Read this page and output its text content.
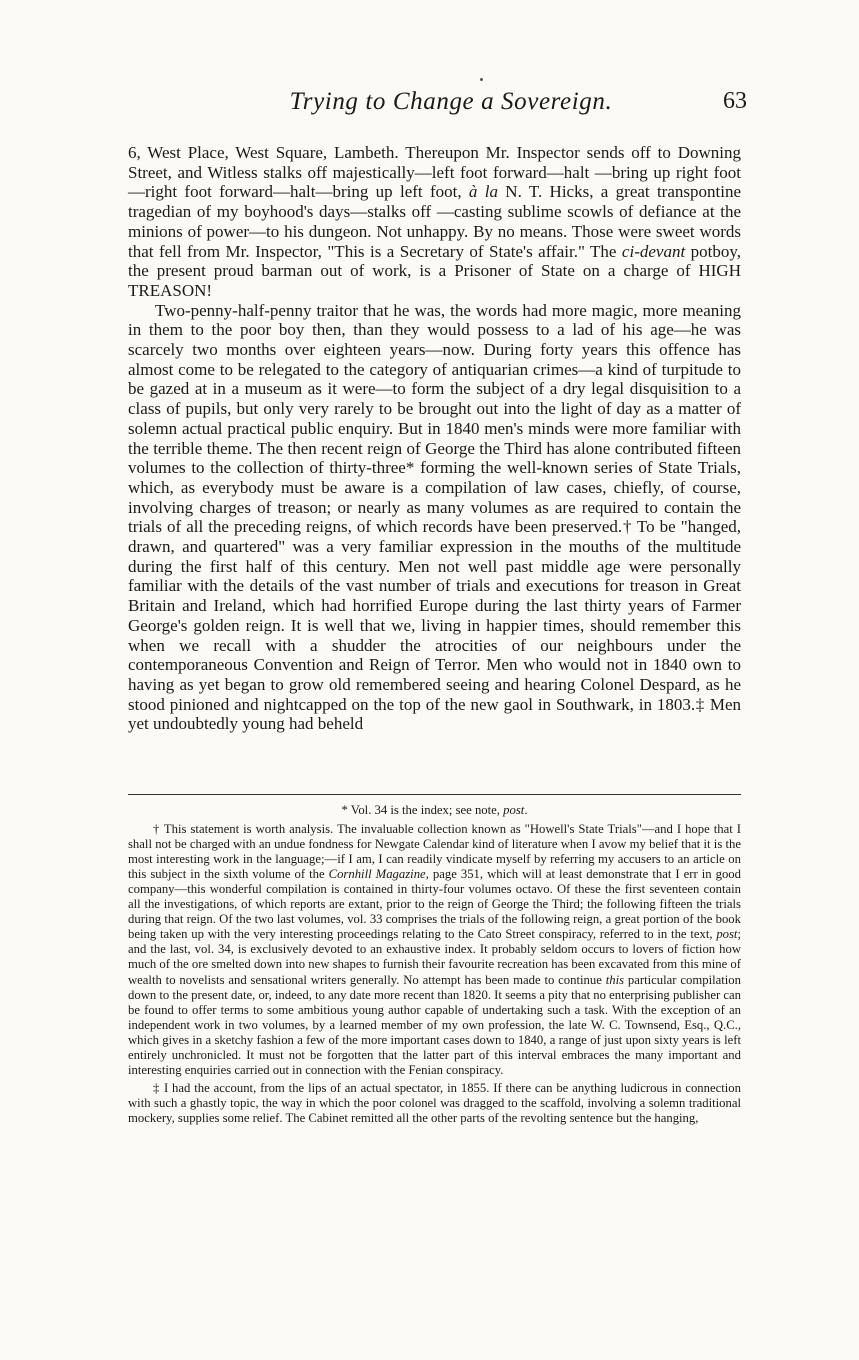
Trying to Change a Sovereign.	63

6, West Place, West Square, Lambeth. Thereupon Mr. Inspector sends off to Downing Street, and Witless stalks off majestically—left foot forward—halt —bring up right foot—right foot forward—halt—bring up left foot, à la N. T. Hicks, a great transpontine tragedian of my boyhood's days—stalks off —casting sublime scowls of defiance at the minions of power—to his dungeon. Not unhappy. By no means. Those were sweet words that fell from Mr. Inspector, "This is a Secretary of State's affair." The ci-devant potboy, the present proud barman out of work, is a Prisoner of State on a charge of HIGH TREASON!

Two-penny-half-penny traitor that he was, the words had more magic, more meaning in them to the poor boy then, than they would possess to a lad of his age—he was scarcely two months over eighteen years—now. During forty years this offence has almost come to be relegated to the category of antiquarian crimes—a kind of turpitude to be gazed at in a museum as it were—to form the subject of a dry legal disquisition to a class of pupils, but only very rarely to be brought out into the light of day as a matter of solemn actual practical public enquiry. But in 1840 men's minds were more familiar with the terrible theme. The then recent reign of George the Third has alone contributed fifteen volumes to the collection of thirty-three* forming the well-known series of State Trials, which, as everybody must be aware is a compilation of law cases, chiefly, of course, involving charges of treason; or nearly as many volumes as are required to contain the trials of all the preceding reigns, of which records have been preserved.† To be "hanged, drawn, and quartered" was a very familiar expression in the mouths of the multitude during the first half of this century. Men not well past middle age were personally familiar with the details of the vast number of trials and executions for treason in Great Britain and Ireland, which had horrified Europe during the last thirty years of Farmer George's golden reign. It is well that we, living in happier times, should remember this when we recall with a shudder the atrocities of our neighbours under the contemporaneous Convention and Reign of Terror. Men who would not in 1840 own to having as yet began to grow old remembered seeing and hearing Colonel Despard, as he stood pinioned and nightcapped on the top of the new gaol in Southwark, in 1803.‡ Men yet undoubtedly young had beheld

* Vol. 34 is the index; see note, post.

† This statement is worth analysis. The invaluable collection known as "Howell's State Trials"—and I hope that I shall not be charged with an undue fondness for Newgate Calendar kind of literature when I avow my belief that it is the most interesting work in the language;—if I am, I can readily vindicate myself by referring my accusers to an article on this subject in the sixth volume of the Cornhill Magazine, page 351, which will at least demonstrate that I err in good company—this wonderful compilation is contained in thirty-four volumes octavo. Of these the first seventeen contain all the investigations, of which reports are extant, prior to the reign of George the Third; the following fifteen the trials during that reign. Of the two last volumes, vol. 33 comprises the trials of the following reign, a great portion of the book being taken up with the very interesting proceedings relating to the Cato Street conspiracy, referred to in the text, post; and the last, vol. 34, is exclusively devoted to an exhaustive index. It probably seldom occurs to lovers of fiction how much of the ore smelted down into new shapes to furnish their favourite recreation has been excavated from this mine of wealth to novelists and sensational writers generally. No attempt has been made to continue this particular compilation down to the present date, or, indeed, to any date more recent than 1820. It seems a pity that no enterprising publisher can be found to offer terms to some ambitious young author capable of undertaking such a task. With the exception of an independent work in two volumes, by a learned member of my own profession, the late W. C. Townsend, Esq., Q.C., which gives in a sketchy fashion a few of the more important cases down to 1840, a range of just upon sixty years is left entirely unchronicled. It must not be forgotten that the latter part of this interval embraces the many important and interesting enquiries carried out in connection with the Fenian conspiracy.

‡ I had the account, from the lips of an actual spectator, in 1855. If there can be anything ludicrous in connection with such a ghastly topic, the way in which the poor colonel was dragged to the scaffold, involving a solemn traditional mockery, supplies some relief. The Cabinet remitted all the other parts of the revolting sentence but the hanging,
